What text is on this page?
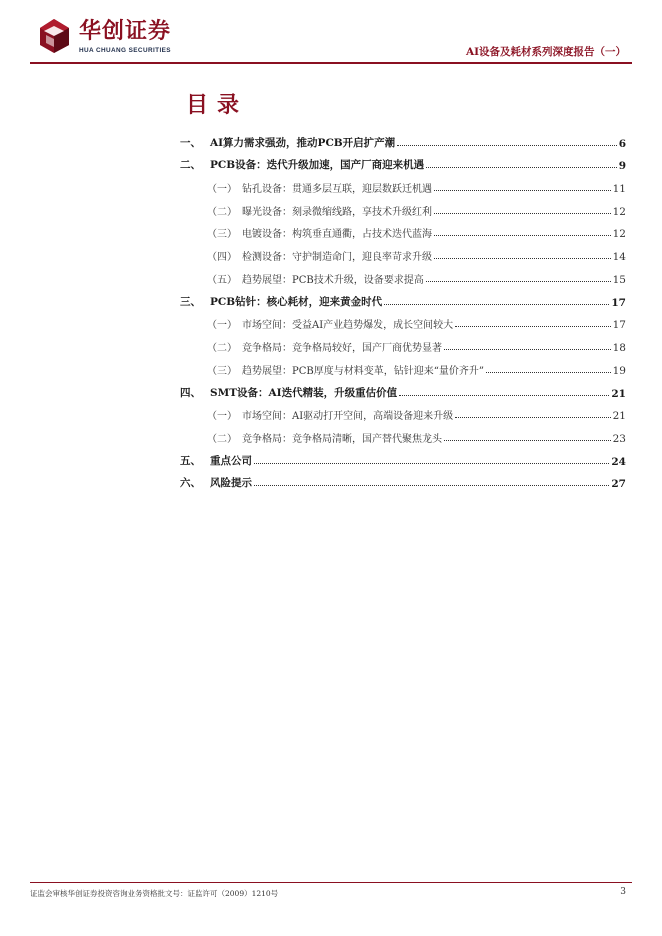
华创证券
HUA CHUANG SECURITIES	AI设备及耗材系列深度报告（一）
目录
一、 AI算力需求强劲，推动PCB开启扩产潮	6
二、 PCB设备：迭代升级加速，国产厂商迎来机遇	9
（一） 钻孔设备：贯通多层互联，迎层数跃迁机遇	11
（二） 曝光设备：刻录微缩线路，享技术升级红利	12
（三） 电镀设备：构筑垂直通衢，占技术迭代蓝海	12
（四） 检测设备：守护制造命门，迎良率苛求升级	14
（五） 趋势展望：PCB技术升级，设备要求提高	15
三、 PCB钻针：核心耗材，迎来黄金时代	17
（一） 市场空间：受益AI产业趋势爆发，成长空间较大	17
（二） 竞争格局：竞争格局较好，国产厂商优势显著	18
（三） 趋势展望：PCB厚度与材料变革，钻针迎来“量价齐升”	19
四、 SMT设备：AI迭代精装，升级重估价值	21
（一） 市场空间：AI驱动打开空间，高端设备迎来升级	21
（二） 竞争格局：竞争格局清晰，国产替代聚焦龙头	23
五、 重点公司	24
六、 风险提示	27
证监会审核华创证券投资咨询业务资格批文号：证监许可（2009）1210号	3
